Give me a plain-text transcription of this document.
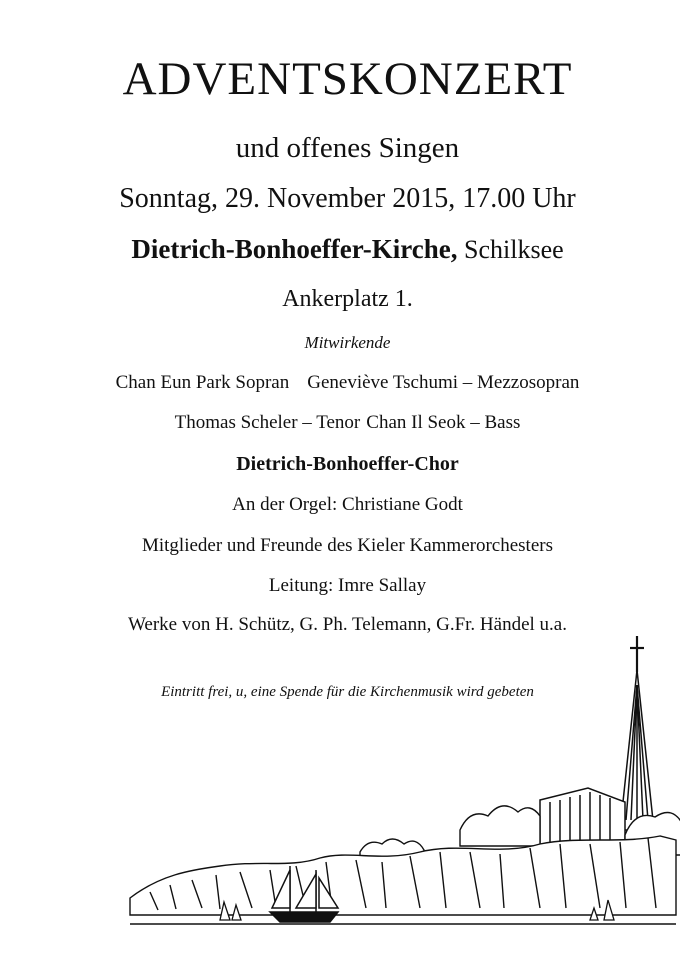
ADVENTSKONZERT
und offenes Singen
Sonntag, 29. November 2015, 17.00 Uhr
Dietrich-Bonhoeffer-Kirche, Schilksee
Ankerplatz 1.
Mitwirkende
Chan Eun Park Sopran Geneviève Tschumi – Mezzosopran
Thomas Scheler – Tenor Chan Il Seok – Bass
Dietrich-Bonhoeffer-Chor
An der Orgel: Christiane Godt
Mitglieder und Freunde des Kieler Kammerorchesters
Leitung: Imre Sallay
Werke von H. Schütz, G. Ph. Telemann, G.Fr. Händel u.a.
Eintritt frei, u, eine Spende für die Kirchenmusik wird gebeten
